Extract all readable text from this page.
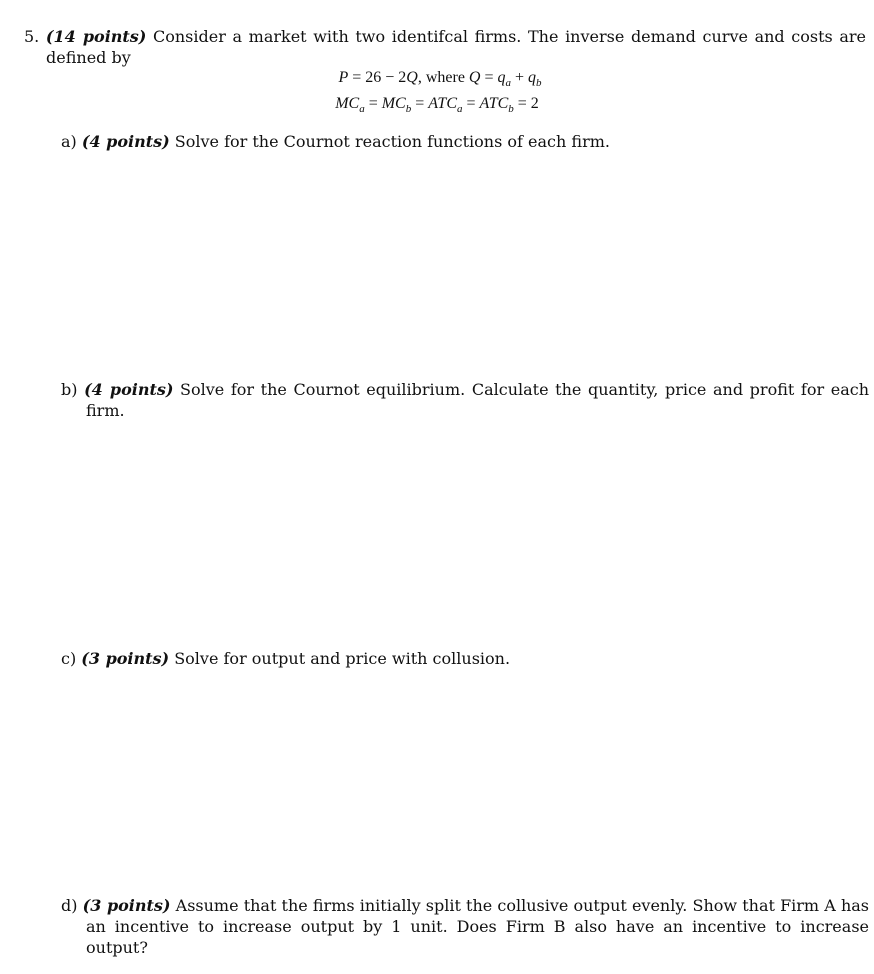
5. (14 points) Consider a market with two identifcal firms. The inverse demand curve and costs are defined by
P = 26 − 2Q, where $Q = q_a + q_b$
$MC_a = MC_b = ATC_a = ATC_b = 2$
a) (4 points) Solve for the Cournot reaction functions of each firm.
b) (4 points) Solve for the Cournot equilibrium. Calculate the quantity, price and profit for each firm.
c) (3 points) Solve for output and price with collusion.
d) (3 points) Assume that the firms initially split the collusive output evenly. Show that Firm A has an incentive to increase output by 1 unit. Does Firm B also have an incentive to increase output?
